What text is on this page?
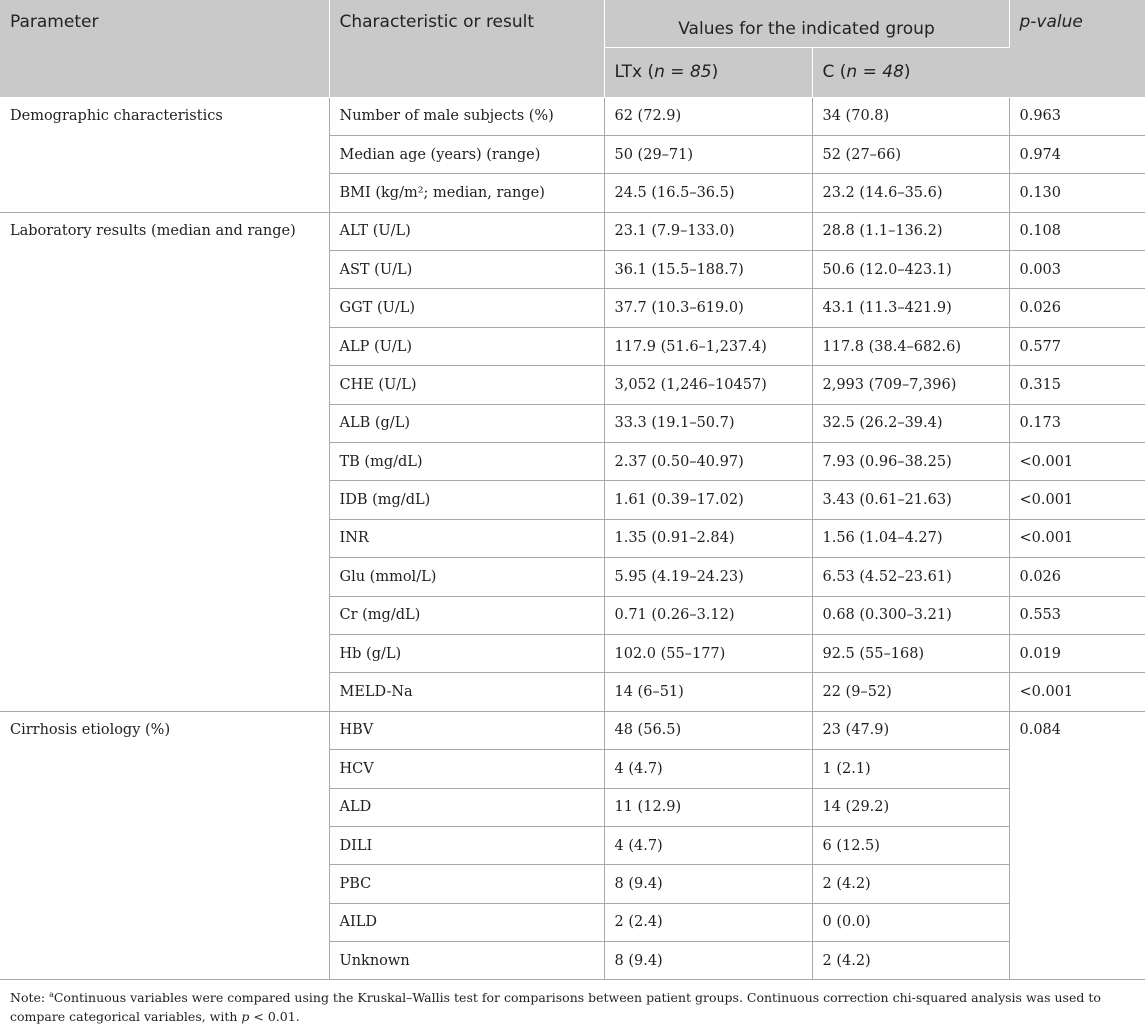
Parameter	Characteristic or result	Values for the indicated group		p-value
		LTx (n = 85)	C (n = 48)	
Demographic characteristics	Number of male subjects (%)	62 (72.9)	34 (70.8)	0.963
	Median age (years) (range)	50 (29–71)	52 (27–66)	0.974
	BMI (kg/m²; median, range)	24.5 (16.5–36.5)	23.2 (14.6–35.6)	0.130
Laboratory results (median and range)	ALT (U/L)	23.1 (7.9–133.0)	28.8 (1.1–136.2)	0.108
	AST (U/L)	36.1 (15.5–188.7)	50.6 (12.0–423.1)	0.003
	GGT (U/L)	37.7 (10.3–619.0)	43.1 (11.3–421.9)	0.026
	ALP (U/L)	117.9 (51.6–1,237.4)	117.8 (38.4–682.6)	0.577
	CHE (U/L)	3,052 (1,246–10457)	2,993 (709–7,396)	0.315
	ALB (g/L)	33.3 (19.1–50.7)	32.5 (26.2–39.4)	0.173
	TB (mg/dL)	2.37 (0.50–40.97)	7.93 (0.96–38.25)	<0.001
	IDB (mg/dL)	1.61 (0.39–17.02)	3.43 (0.61–21.63)	<0.001
	INR	1.35 (0.91–2.84)	1.56 (1.04–4.27)	<0.001
	Glu (mmol/L)	5.95 (4.19–24.23)	6.53 (4.52–23.61)	0.026
	Cr (mg/dL)	0.71 (0.26–3.12)	0.68 (0.300–3.21)	0.553
	Hb (g/L)	102.0 (55–177)	92.5 (55–168)	0.019
	MELD-Na	14 (6–51)	22 (9–52)	<0.001
Cirrhosis etiology (%)	HBV	48 (56.5)	23 (47.9)	0.084
	HCV	4 (4.7)	1 (2.1)	
	ALD	11 (12.9)	14 (29.2)	
	DILI	4 (4.7)	6 (12.5)	
	PBC	8 (9.4)	2 (4.2)	
	AILD	2 (2.4)	0 (0.0)	
	Unknown	8 (9.4)	2 (4.2)	

Note: $^a$Continuous variables were compared using the Kruskal–Wallis test for comparisons between patient groups. Continuous correction chi-squared analysis was used to compare categorical variables, with p < 0.01.
